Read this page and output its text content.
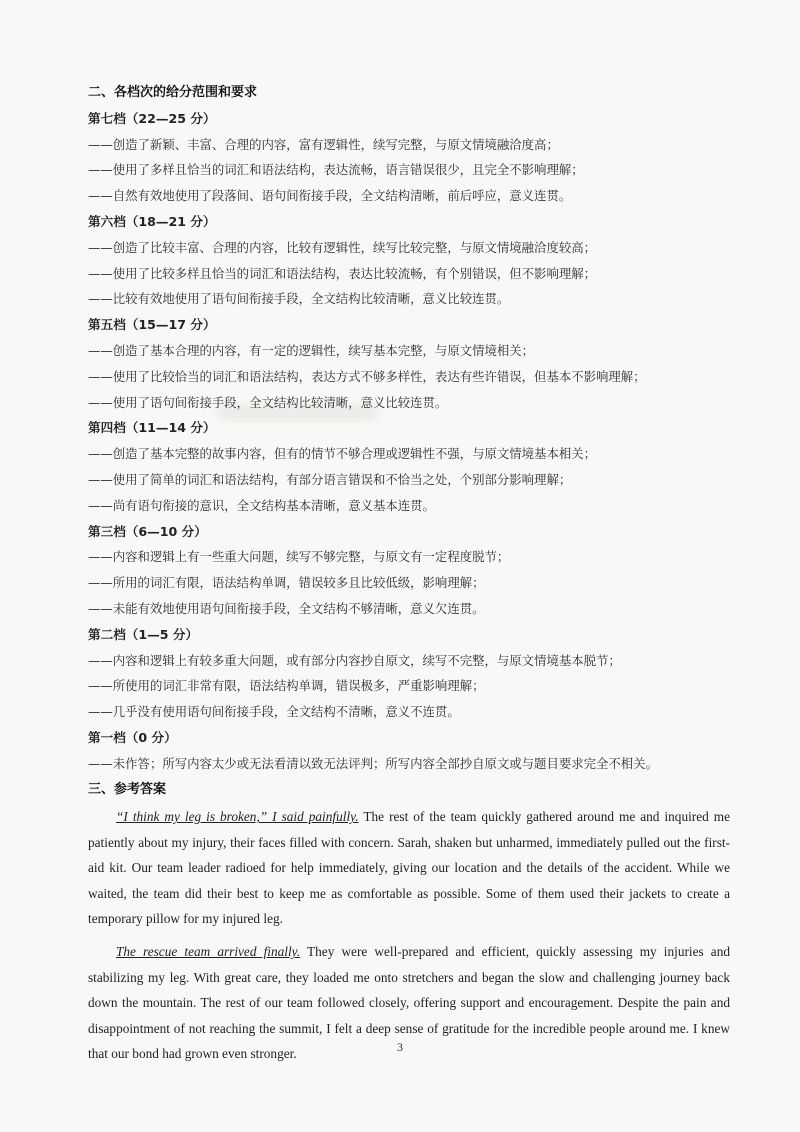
二、各档次的给分范围和要求
第七档（22—25 分）
——创造了新颖、丰富、合理的内容，富有逻辑性，续写完整，与原文情境融洽度高；
——使用了多样且恰当的词汇和语法结构，表达流畅，语言错误很少，且完全不影响理解；
——自然有效地使用了段落间、语句间衔接手段，全文结构清晰，前后呼应，意义连贯。
第六档（18—21 分）
——创造了比较丰富、合理的内容，比较有逻辑性，续写比较完整，与原文情境融洽度较高；
——使用了比较多样且恰当的词汇和语法结构，表达比较流畅，有个别错误，但不影响理解；
——比较有效地使用了语句间衔接手段，全文结构比较清晰，意义比较连贯。
第五档（15—17 分）
——创造了基本合理的内容，有一定的逻辑性，续写基本完整，与原文情境相关；
——使用了比较恰当的词汇和语法结构，表达方式不够多样性，表达有些许错误，但基本不影响理解；
——使用了语句间衔接手段，全文结构比较清晰，意义比较连贯。
第四档（11—14 分）
——创造了基本完整的故事内容，但有的情节不够合理或逻辑性不强，与原文情境基本相关；
——使用了简单的词汇和语法结构，有部分语言错误和不恰当之处，个别部分影响理解；
——尚有语句衔接的意识，全文结构基本清晰，意义基本连贯。
第三档（6—10 分）
——内容和逻辑上有一些重大问题，续写不够完整，与原文有一定程度脱节；
——所用的词汇有限，语法结构单调，错误较多且比较低级，影响理解；
——未能有效地使用语句间衔接手段，全文结构不够清晰，意义欠连贯。
第二档（1—5 分）
——内容和逻辑上有较多重大问题，或有部分内容抄自原文，续写不完整，与原文情境基本脱节；
——所使用的词汇非常有限，语法结构单调，错误极多，严重影响理解；
——几乎没有使用语句间衔接手段，全文结构不清晰，意义不连贯。
第一档（0 分）
——未作答；所写内容太少或无法看清以致无法评判；所写内容全部抄自原文或与题目要求完全不相关。
三、参考答案

“I think my leg is broken,” I said painfully. The rest of the team quickly gathered around me and inquired me patiently about my injury, their faces filled with concern. Sarah, shaken but unharmed, immediately pulled out the first-aid kit. Our team leader radioed for help immediately, giving our location and the details of the accident. While we waited, the team did their best to keep me as comfortable as possible. Some of them used their jackets to create a temporary pillow for my injured leg.

The rescue team arrived finally. They were well-prepared and efficient, quickly assessing my injuries and stabilizing my leg. With great care, they loaded me onto stretchers and began the slow and challenging journey back down the mountain. The rest of our team followed closely, offering support and encouragement. Despite the pain and disappointment of not reaching the summit, I felt a deep sense of gratitude for the incredible people around me. I knew that our bond had grown even stronger.	3
